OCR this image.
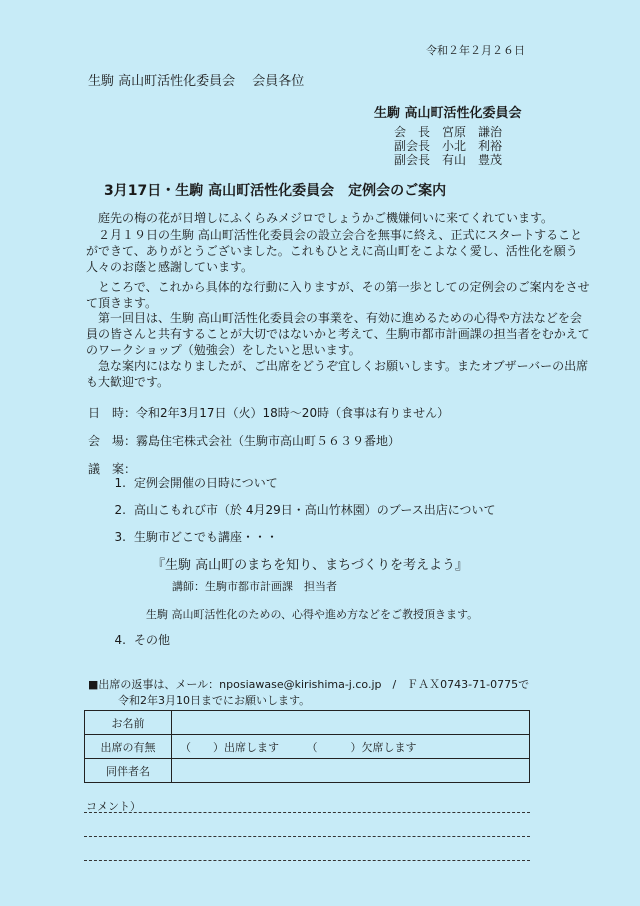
令和２年２月２６日
生駒 高山町活性化委員会　 会員各位
生駒 高山町活性化委員会
会　長　宮原　謙治
副会長　小北　利裕
副会長　有山　豊茂
3月17日・生駒 高山町活性化委員会　定例会のご案内

庭先の梅の花が日増しにふくらみメジロでしょうかご機嫌伺いに来てくれています。

２月１９日の生駒 高山町活性化委員会の設立会合を無事に終え、正式にスタートすることができて、ありがとうございました。これもひとえに高山町をこよなく愛し、活性化を願う人々のお蔭と感謝しています。

ところで、これから具体的な行動に入りますが、その第一歩としての定例会のご案内をさせて頂きます。

第一回目は、生駒 高山町活性化委員会の事業を、有効に進めるための心得や方法などを会員の皆さんと共有することが大切ではないかと考えて、生駒市都市計画課の担当者をむかえてのワークショップ（勉強会）をしたいと思います。

急な案内にはなりましたが、ご出席をどうぞ宜しくお願いします。またオブザーバーの出席も大歓迎です。

日　時：令和2年3月17日（火）18時～20時（食事は有りません）
会　場：霧島住宅株式会社（生駒市高山町５６３９番地）
議　案：
1. 定例会開催の日時について
2. 高山こもれび市（於 4月29日・高山竹林園）のブース出店について
3. 生駒市どこでも講座・・・
『生駒 高山町のまちを知り、まちづくりを考えよう』
講師：生駒市都市計画課　担当者
生駒 高山町活性化のための、心得や進め方などをご教授頂きます。
4. その他
■出席の返事は、メール：nposiawase@kirishima-j.co.jp　/　ＦＡＸ0743-71-0775で
令和2年3月10日までにお願いします。
お名前	
出席の有無	（　　）出席します　　　（　　　）欠席します
同伴者名	
コメント）
